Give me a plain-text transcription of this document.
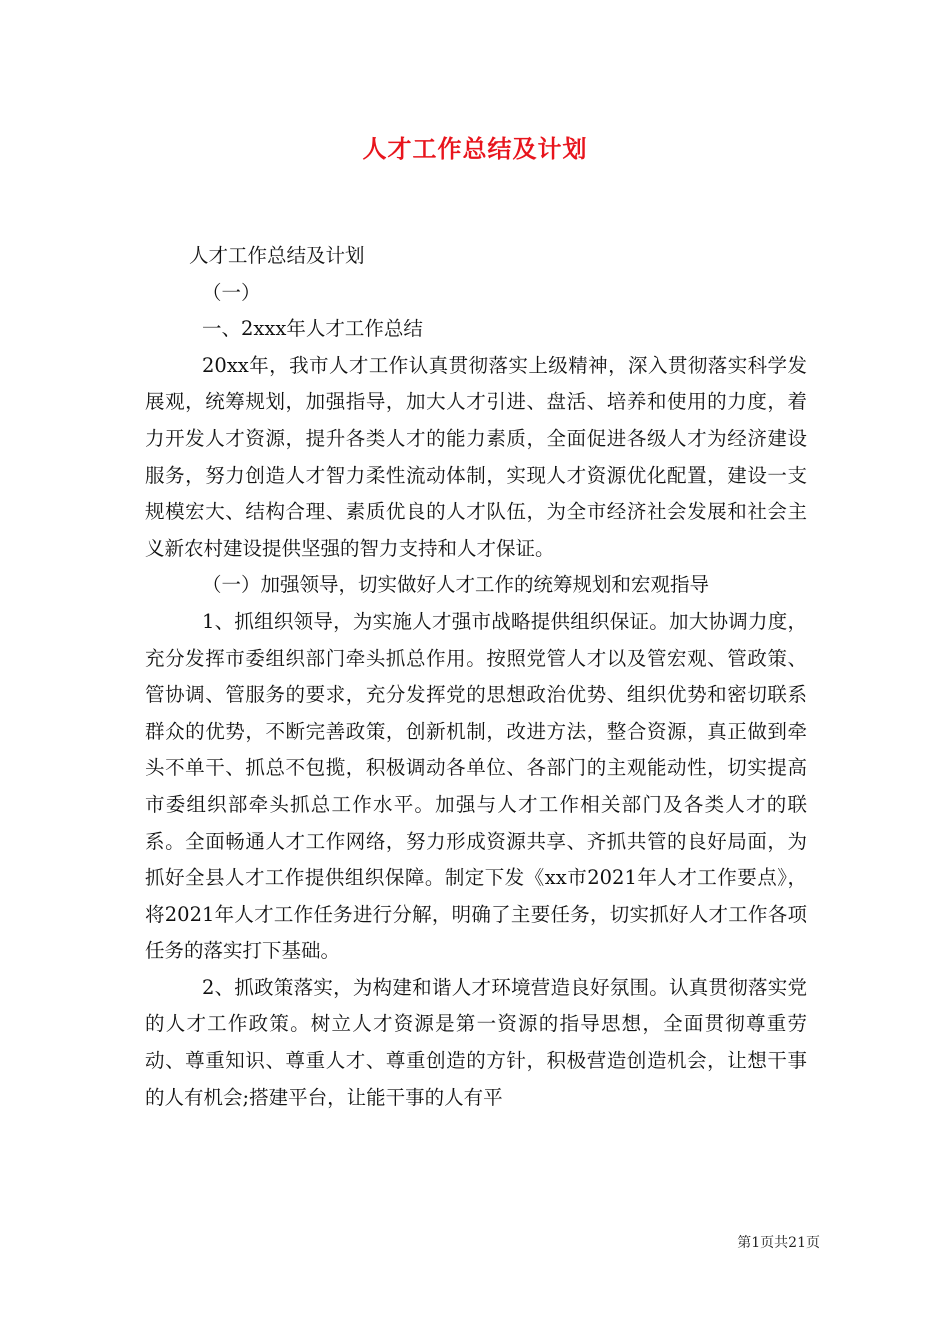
人才工作总结及计划

人才工作总结及计划

（一）

一、2xxx年人才工作总结

20xx年，我市人才工作认真贯彻落实上级精神，深入贯彻落实科学发展观，统筹规划，加强指导，加大人才引进、盘活、培养和使用的力度，着力开发人才资源，提升各类人才的能力素质，全面促进各级人才为经济建设服务，努力创造人才智力柔性流动体制，实现人才资源优化配置，建设一支规模宏大、结构合理、素质优良的人才队伍，为全市经济社会发展和社会主义新农村建设提供坚强的智力支持和人才保证。

（一）加强领导，切实做好人才工作的统筹规划和宏观指导

1、抓组织领导，为实施人才强市战略提供组织保证。加大协调力度，充分发挥市委组织部门牵头抓总作用。按照党管人才以及管宏观、管政策、管协调、管服务的要求，充分发挥党的思想政治优势、组织优势和密切联系群众的优势，不断完善政策，创新机制，改进方法，整合资源，真正做到牵头不单干、抓总不包揽，积极调动各单位、各部门的主观能动性，切实提高市委组织部牵头抓总工作水平。加强与人才工作相关部门及各类人才的联系。全面畅通人才工作网络，努力形成资源共享、齐抓共管的良好局面，为抓好全县人才工作提供组织保障。制定下发《xx市2021年人才工作要点》，将2021年人才工作任务进行分解，明确了主要任务，切实抓好人才工作各项任务的落实打下基础。

2、抓政策落实，为构建和谐人才环境营造良好氛围。认真贯彻落实党的人才工作政策。树立人才资源是第一资源的指导思想，全面贯彻尊重劳动、尊重知识、尊重人才、尊重创造的方针，积极营造创造机会，让想干事的人有机会;搭建平台，让能干事的人有平

第1页共21页
